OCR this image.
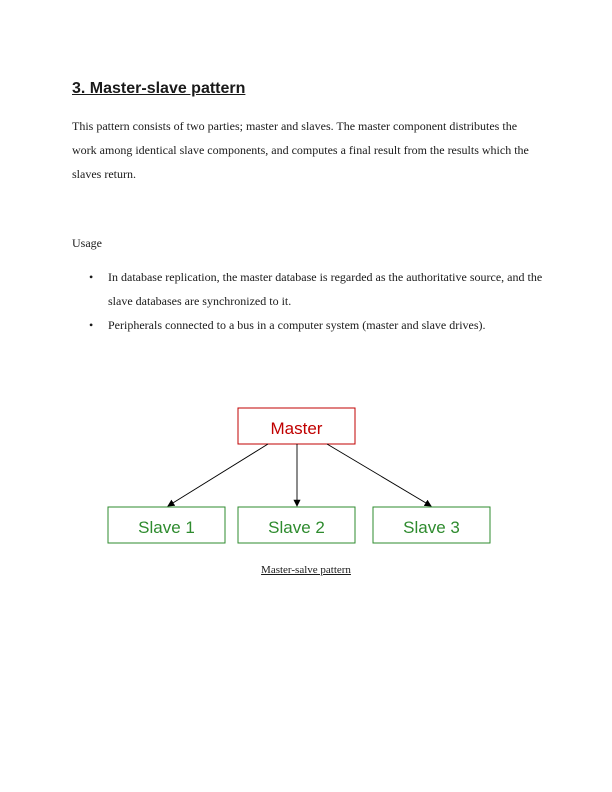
3. Master-slave pattern

This pattern consists of two parties; master and slaves. The master component distributes the work among identical slave components, and computes a final result from the results which the slaves return.

Usage

• In database replication, the master database is regarded as the authoritative source, and the slave databases are synchronized to it.
• Peripherals connected to a bus in a computer system (master and slave drives).
Master
Slave 1	Slave 2	Slave 3

Master-salve pattern
